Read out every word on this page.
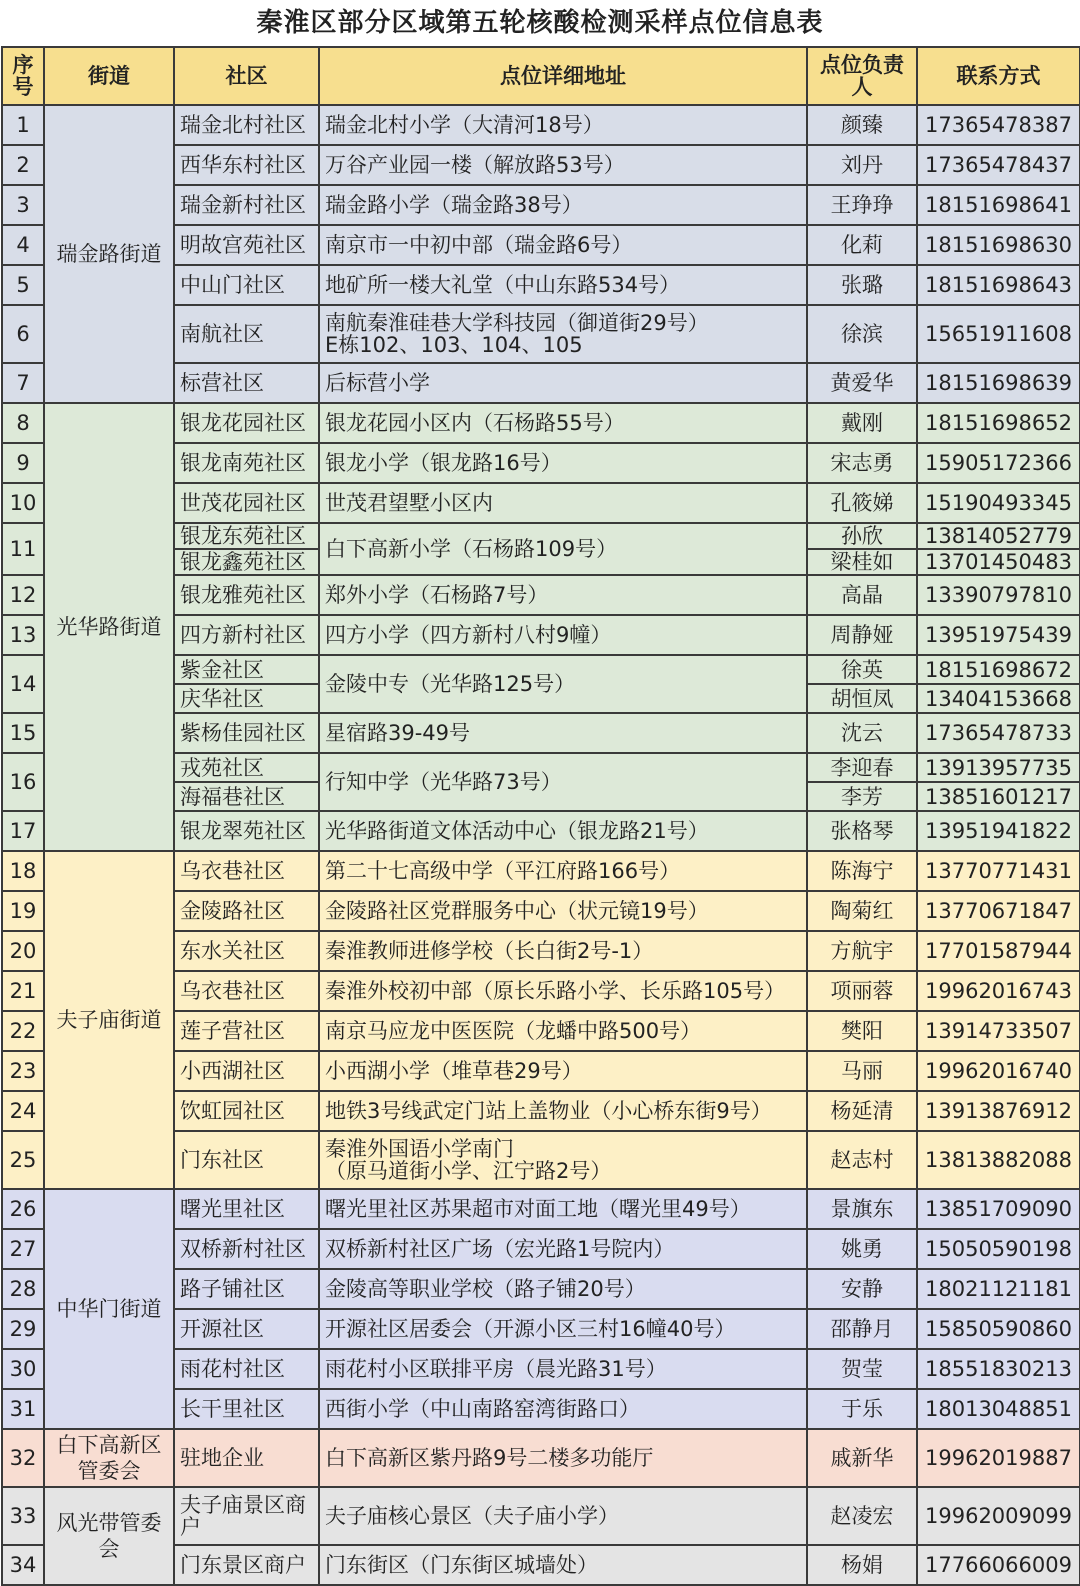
秦淮区部分区域第五轮核酸检测采样点位信息表
序号	街道	社区	点位详细地址	点位负责人	联系方式
1	瑞金路街道	瑞金北村社区	瑞金北村小学（大清河18号）	颜臻	17365478387
2		西华东村社区	万谷产业园一楼（解放路53号）	刘丹	17365478437
3		瑞金新村社区	瑞金路小学（瑞金路38号）	王琤琤	18151698641
4		明故宫苑社区	南京市一中初中部（瑞金路6号）	化莉	18151698630
5		中山门社区	地矿所一楼大礼堂（中山东路534号）	张璐	18151698643
6		南航社区	南航秦淮硅巷大学科技园（御道街29号）
E栋102、103、104、105	徐滨	15651911608
7		标营社区	后标营小学	黄爱华	18151698639
8	光华路街道	银龙花园社区	银龙花园小区内（石杨路55号）	戴刚	18151698652
9		银龙南苑社区	银龙小学（银龙路16号）	宋志勇	15905172366
10		世茂花园社区	世茂君望墅小区内	孔筱娣	15190493345
11		银龙东苑社区	白下高新小学（石杨路109号）	孙欣	13814052779
		银龙鑫苑社区		梁桂如	13701450483
12		银龙雅苑社区	郑外小学（石杨路7号）	高晶	13390797810
13		四方新村社区	四方小学（四方新村八村9幢）	周静娅	13951975439
14		紫金社区	金陵中专（光华路125号）	徐英	18151698672
		庆华社区		胡恒凤	13404153668
15		紫杨佳园社区	星宿路39-49号	沈云	17365478733
16		戎苑社区	行知中学（光华路73号）	李迎春	13913957735
		海福巷社区		李芳	13851601217
17		银龙翠苑社区	光华路街道文体活动中心（银龙路21号）	张格琴	13951941822
18	夫子庙街道	乌衣巷社区	第二十七高级中学（平江府路166号）	陈海宁	13770771431
19		金陵路社区	金陵路社区党群服务中心（状元镜19号）	陶菊红	13770671847
20		东水关社区	秦淮教师进修学校（长白街2号-1）	方航宇	17701587944
21		乌衣巷社区	秦淮外校初中部（原长乐路小学、长乐路105号）	项丽蓉	19962016743
22		莲子营社区	南京马应龙中医医院（龙蟠中路500号）	樊阳	13914733507
23		小西湖社区	小西湖小学（堆草巷29号）	马丽	19962016740
24		饮虹园社区	地铁3号线武定门站上盖物业（小心桥东街9号）	杨延清	13913876912
25		门东社区	秦淮外国语小学南门
（原马道街小学、江宁路2号）	赵志村	13813882088
26	中华门街道	曙光里社区	曙光里社区苏果超市对面工地（曙光里49号）	景旗东	13851709090
27		双桥新村社区	双桥新村社区广场（宏光路1号院内）	姚勇	15050590198
28		路子铺社区	金陵高等职业学校（路子铺20号）	安静	18021121181
29		开源社区	开源社区居委会（开源小区三村16幢40号）	邵静月	15850590860
30		雨花村社区	雨花村小区联排平房（晨光路31号）	贺莹	18551830213
31		长干里社区	西街小学（中山南路窑湾街路口）	于乐	18013048851
32	白下高新区管委会	驻地企业	白下高新区紫丹路9号二楼多功能厅	戚新华	19962019887
33	风光带管委会	夫子庙景区商户	夫子庙核心景区（夫子庙小学）	赵凌宏	19962009099
34		门东景区商户	门东街区（门东街区城墙处）	杨娟	17766066009
